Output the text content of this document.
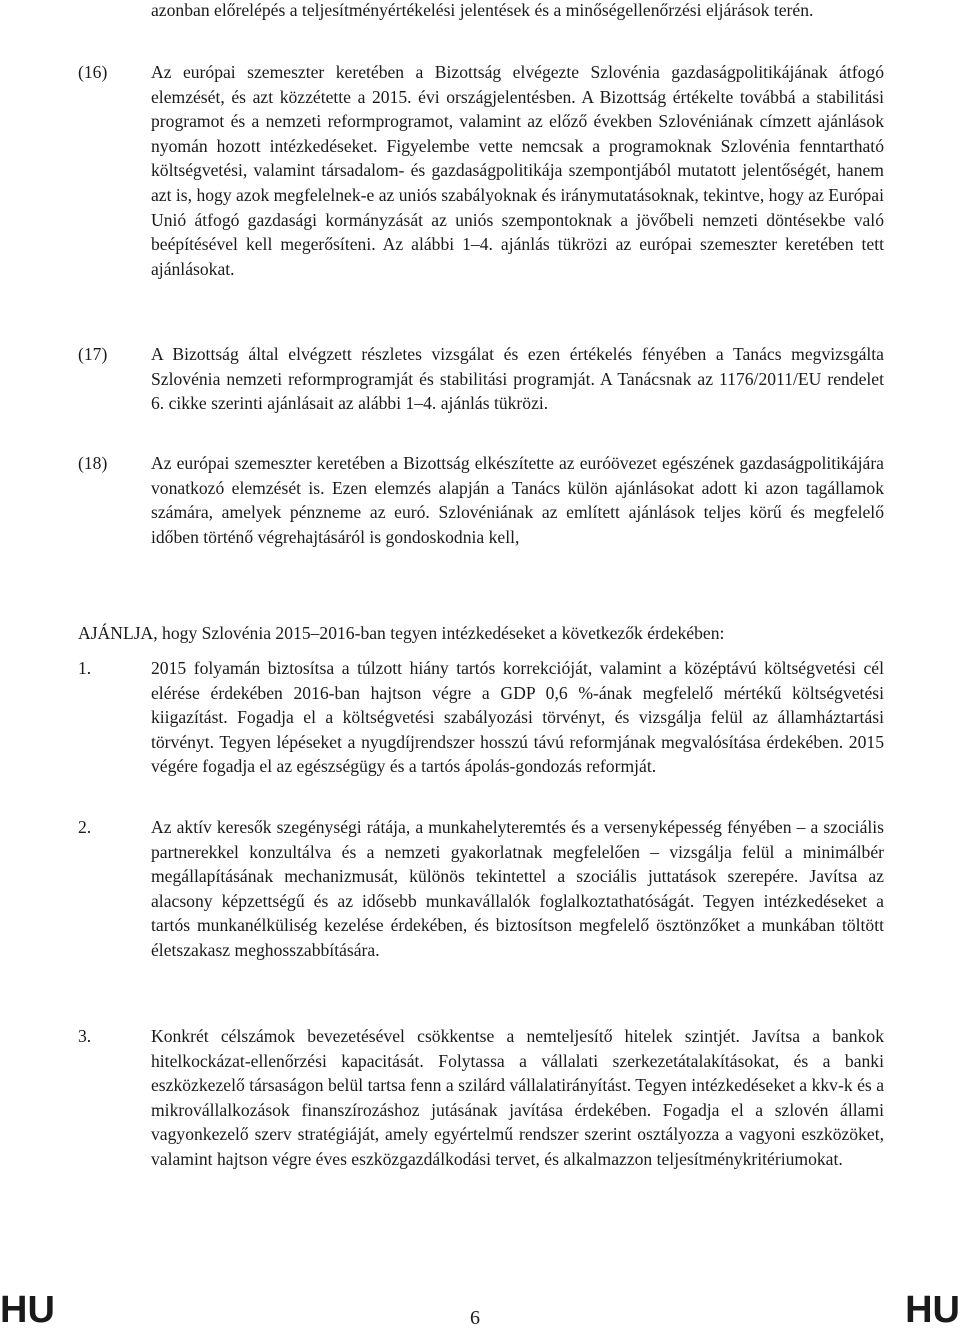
azonban előrelépés a teljesítményértékelési jelentések és a minőségellenőrzési eljárások terén.

(16) Az európai szemeszter keretében a Bizottság elvégezte Szlovénia gazdaságpolitikájának átfogó elemzését, és azt közzétette a 2015. évi országjelentésben. A Bizottság értékelte továbbá a stabilitási programot és a nemzeti reformprogramot, valamint az előző években Szlovéniának címzett ajánlások nyomán hozott intézkedéseket. Figyelembe vette nemcsak a programoknak Szlovénia fenntartható költségvetési, valamint társadalom- és gazdaságpolitikája szempontjából mutatott jelentőségét, hanem azt is, hogy azok megfelelnek-e az uniós szabályoknak és iránymutatásoknak, tekintve, hogy az Európai Unió átfogó gazdasági kormányzását az uniós szempontoknak a jövőbeli nemzeti döntésekbe való beépítésével kell megerősíteni. Az alábbi 1–4. ajánlás tükrözi az európai szemeszter keretében tett ajánlásokat.

(17) A Bizottság által elvégzett részletes vizsgálat és ezen értékelés fényében a Tanács megvizsgálta Szlovénia nemzeti reformprogramját és stabilitási programját. A Tanácsnak az 1176/2011/EU rendelet 6. cikke szerinti ajánlásait az alábbi 1–4. ajánlás tükrözi.

(18) Az európai szemeszter keretében a Bizottság elkészítette az euróövezet egészének gazdaságpolitikájára vonatkozó elemzését is. Ezen elemzés alapján a Tanács külön ajánlásokat adott ki azon tagállamok számára, amelyek pénzneme az euró. Szlovéniának az említett ajánlások teljes körű és megfelelő időben történő végrehajtásáról is gondoskodnia kell,

AJÁNLJA, hogy Szlovénia 2015–2016-ban tegyen intézkedéseket a következők érdekében:

1.	2015 folyamán biztosítsa a túlzott hiány tartós korrekcióját, valamint a középtávú költségvetési cél elérése érdekében 2016-ban hajtson végre a GDP 0,6 %-ának megfelelő mértékű költségvetési kiigazítást. Fogadja el a költségvetési szabályozási törvényt, és vizsgálja felül az államháztartási törvényt. Tegyen lépéseket a nyugdíjrendszer hosszú távú reformjának megvalósítása érdekében. 2015 végére fogadja el az egészségügy és a tartós ápolás-gondozás reformját.

2.	Az aktív keresők szegénységi rátája, a munkahelyteremtés és a versenyképesség fényében – a szociális partnerekkel konzultálva és a nemzeti gyakorlatnak megfelelően – vizsgálja felül a minimálbér megállapításának mechanizmusát, különös tekintettel a szociális juttatások szerepére. Javítsa az alacsony képzettségű és az idősebb munkavállalók foglalkoztathatóságát. Tegyen intézkedéseket a tartós munkanélküliség kezelése érdekében, és biztosítson megfelelő ösztönzőket a munkában töltött életszakasz meghosszabbítására.

3.	Konkrét célszámok bevezetésével csökkentse a nemteljesítő hitelek szintjét. Javítsa a bankok hitelkockázat-ellenőrzési kapacitását. Folytassa a vállalati szerkezetátalakításokat, és a banki eszközkezelő társaságon belül tartsa fenn a szilárd vállalatirányítást. Tegyen intézkedéseket a kkv-k és a mikrovállalkozások finanszírozáshoz jutásának javítása érdekében. Fogadja el a szlovén állami vagyonkezelő szerv stratégiáját, amely egyértelmű rendszer szerint osztályozza a vagyoni eszközöket, valamint hajtson végre éves eszközgazdálkodási tervet, és alkalmazzon teljesítménykritériumokat.

HU	6	HU
